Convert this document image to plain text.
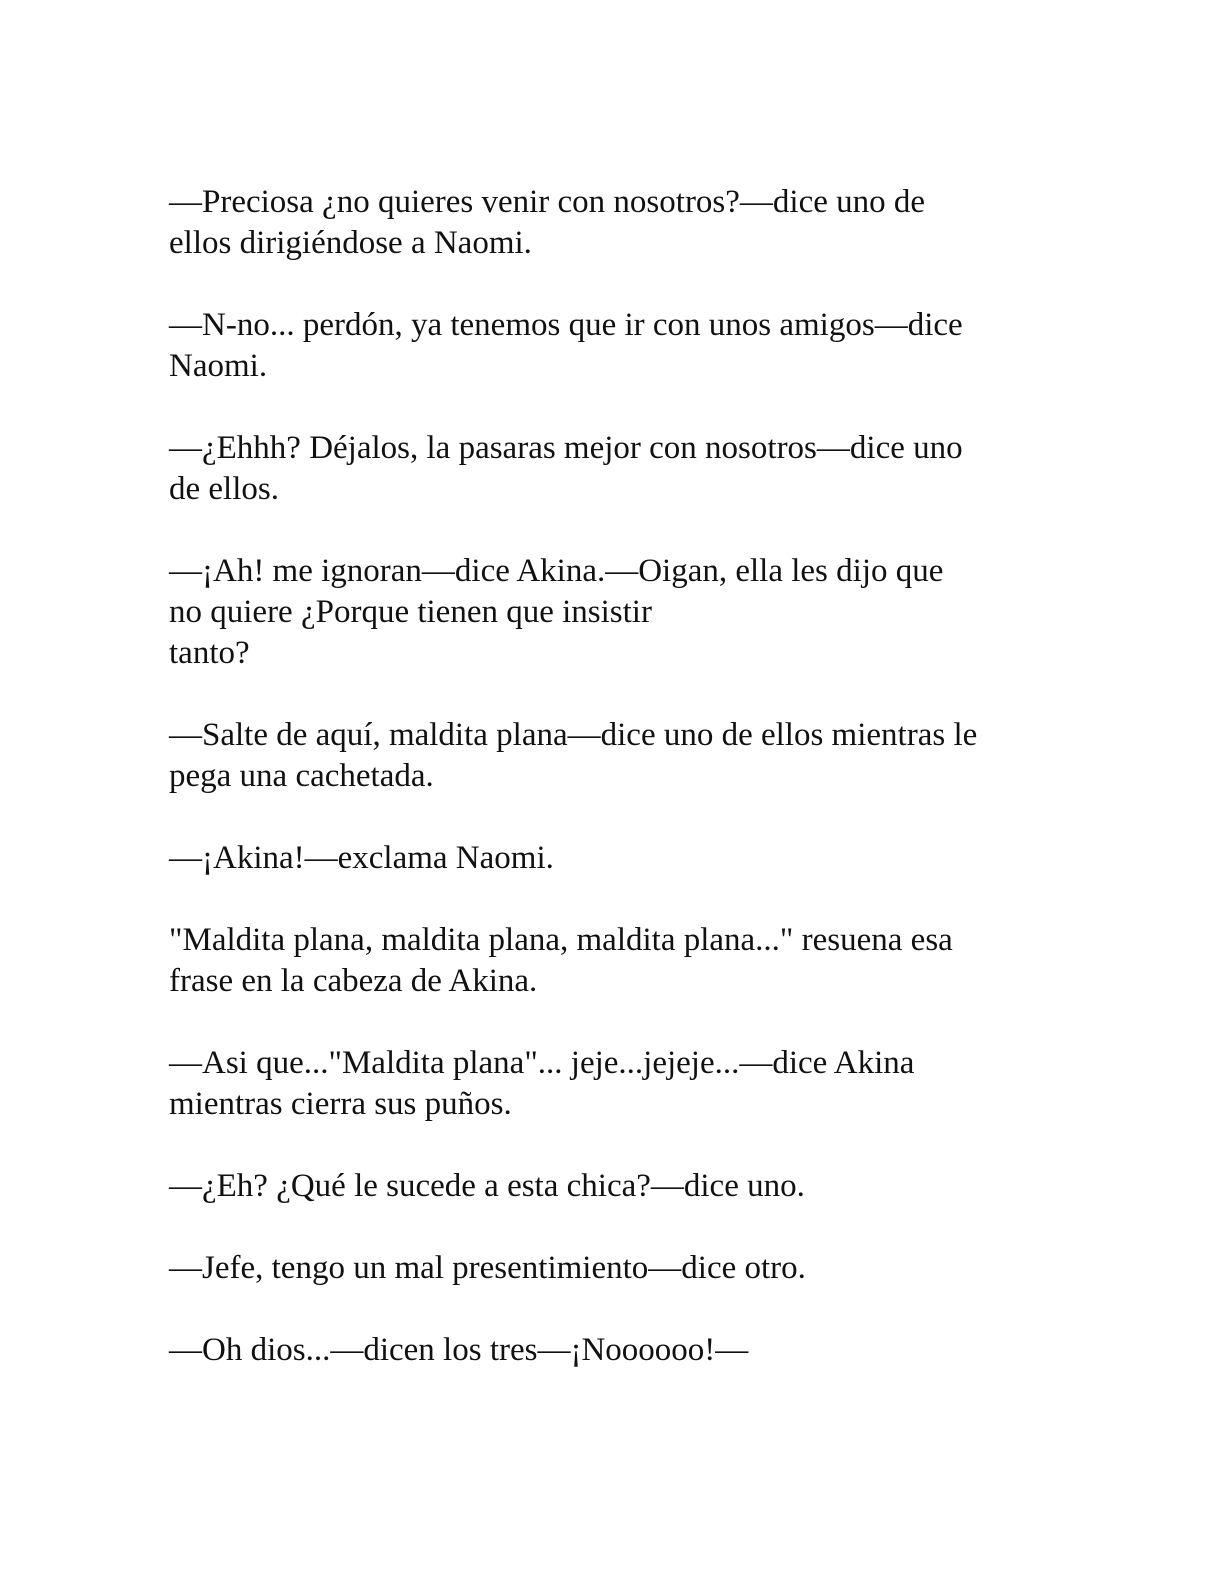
—Preciosa ¿no quieres venir con nosotros?—dice uno de
ellos dirigiéndose a Naomi.

—N-no... perdón, ya tenemos que ir con unos amigos—dice
Naomi.

—¿Ehhh? Déjalos, la pasaras mejor con nosotros—dice uno
de ellos.

—¡Ah! me ignoran—dice Akina.—Oigan, ella les dijo que
no quiere ¿Porque tienen que insistir
tanto?

—Salte de aquí, maldita plana—dice uno de ellos mientras le
pega una cachetada.

—¡Akina!—exclama Naomi.

"Maldita plana, maldita plana, maldita plana..." resuena esa
frase en la cabeza de Akina.

—Asi que..."Maldita plana"... jeje...jejeje...—dice Akina
mientras cierra sus puños.

—¿Eh? ¿Qué le sucede a esta chica?—dice uno.

—Jefe, tengo un mal presentimiento—dice otro.

—Oh dios...—dicen los tres—¡Noooooo!—
